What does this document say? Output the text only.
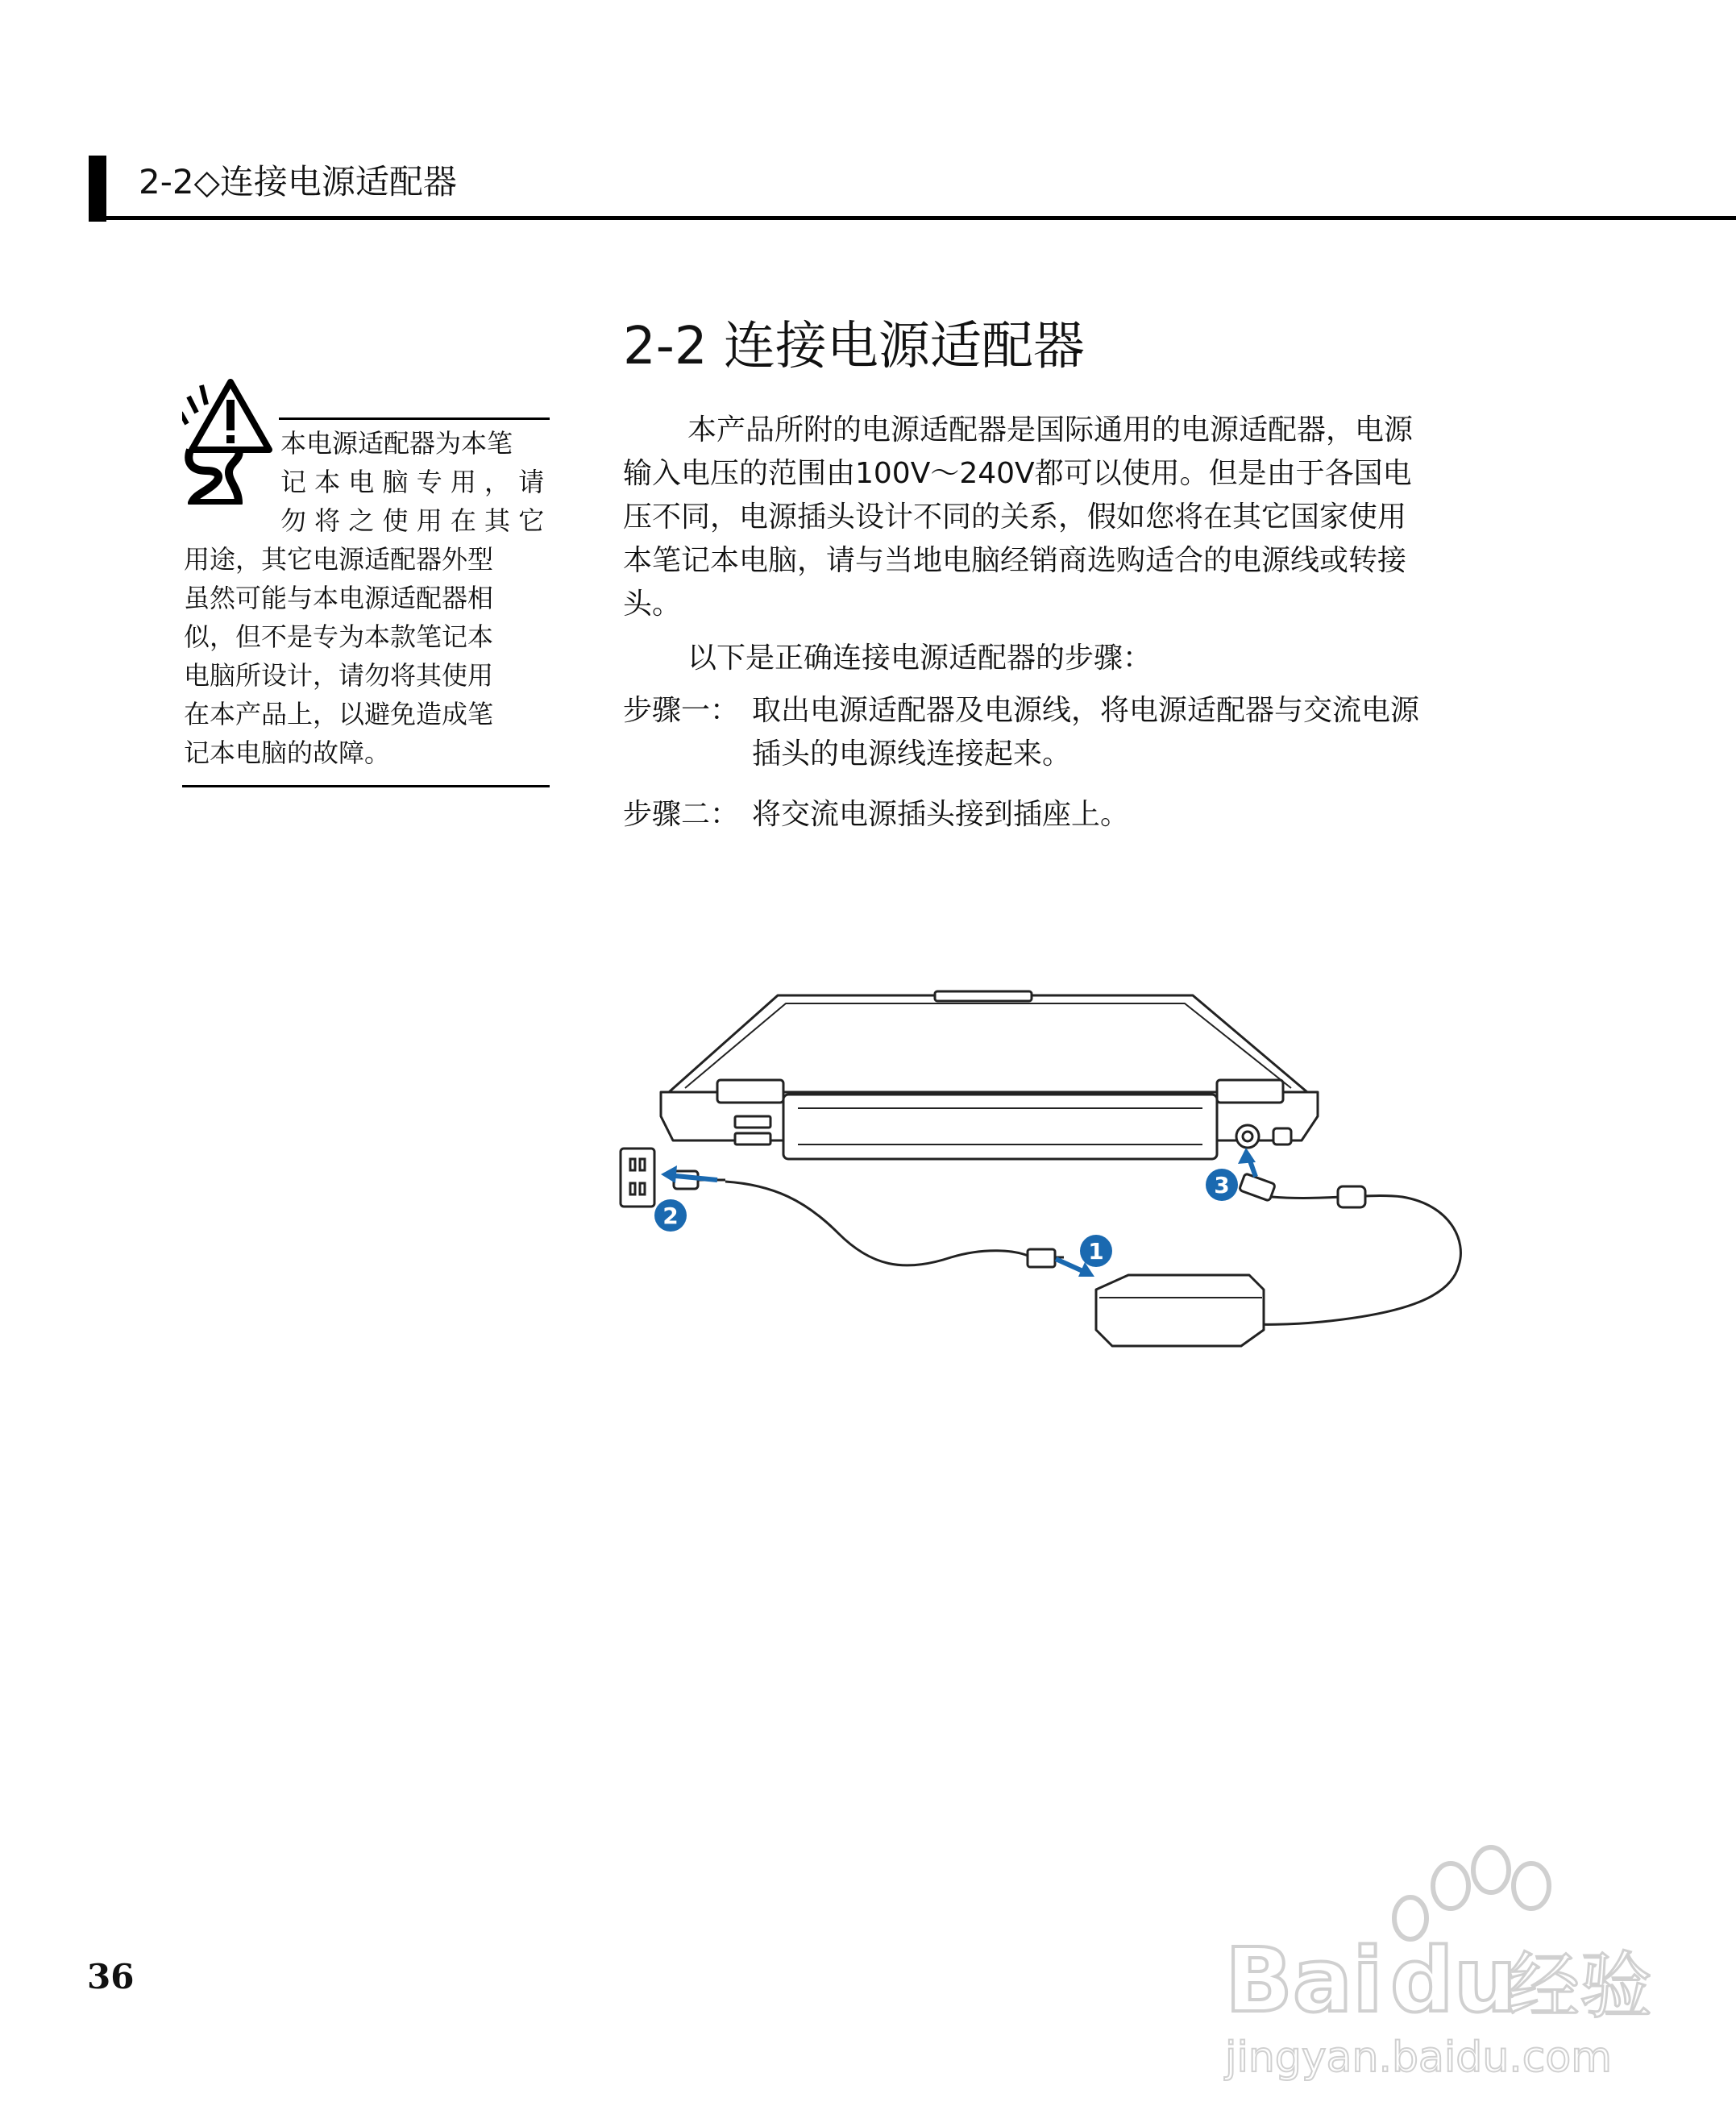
2-2◇连接电源适配器
2-2 连接电源适配器
本电源适配器为本笔
记 本 电 脑 专 用 ， 请
勿 将 之 使 用 在 其 它
用途，其它电源适配器外型
虽然可能与本电源适配器相
似，但不是专为本款笔记本
电脑所设计，请勿将其使用
在本产品上，以避免造成笔
记本电脑的故障。
本产品所附的电源适配器是国际通用的电源适配器，电源
输入电压的范围由100V～240V都可以使用。但是由于各国电
压不同，电源插头设计不同的关系，假如您将在其它国家使用
本笔记本电脑，请与当地电脑经销商选购适合的电源线或转接
头。
以下是正确连接电源适配器的步骤：
步骤一： 取出电源适配器及电源线，将电源适配器与交流电源
插头的电源线连接起来。
步骤二： 将交流电源插头接到插座上。
1
2
3
36	Bai du
经验
jingyan.baidu.com
